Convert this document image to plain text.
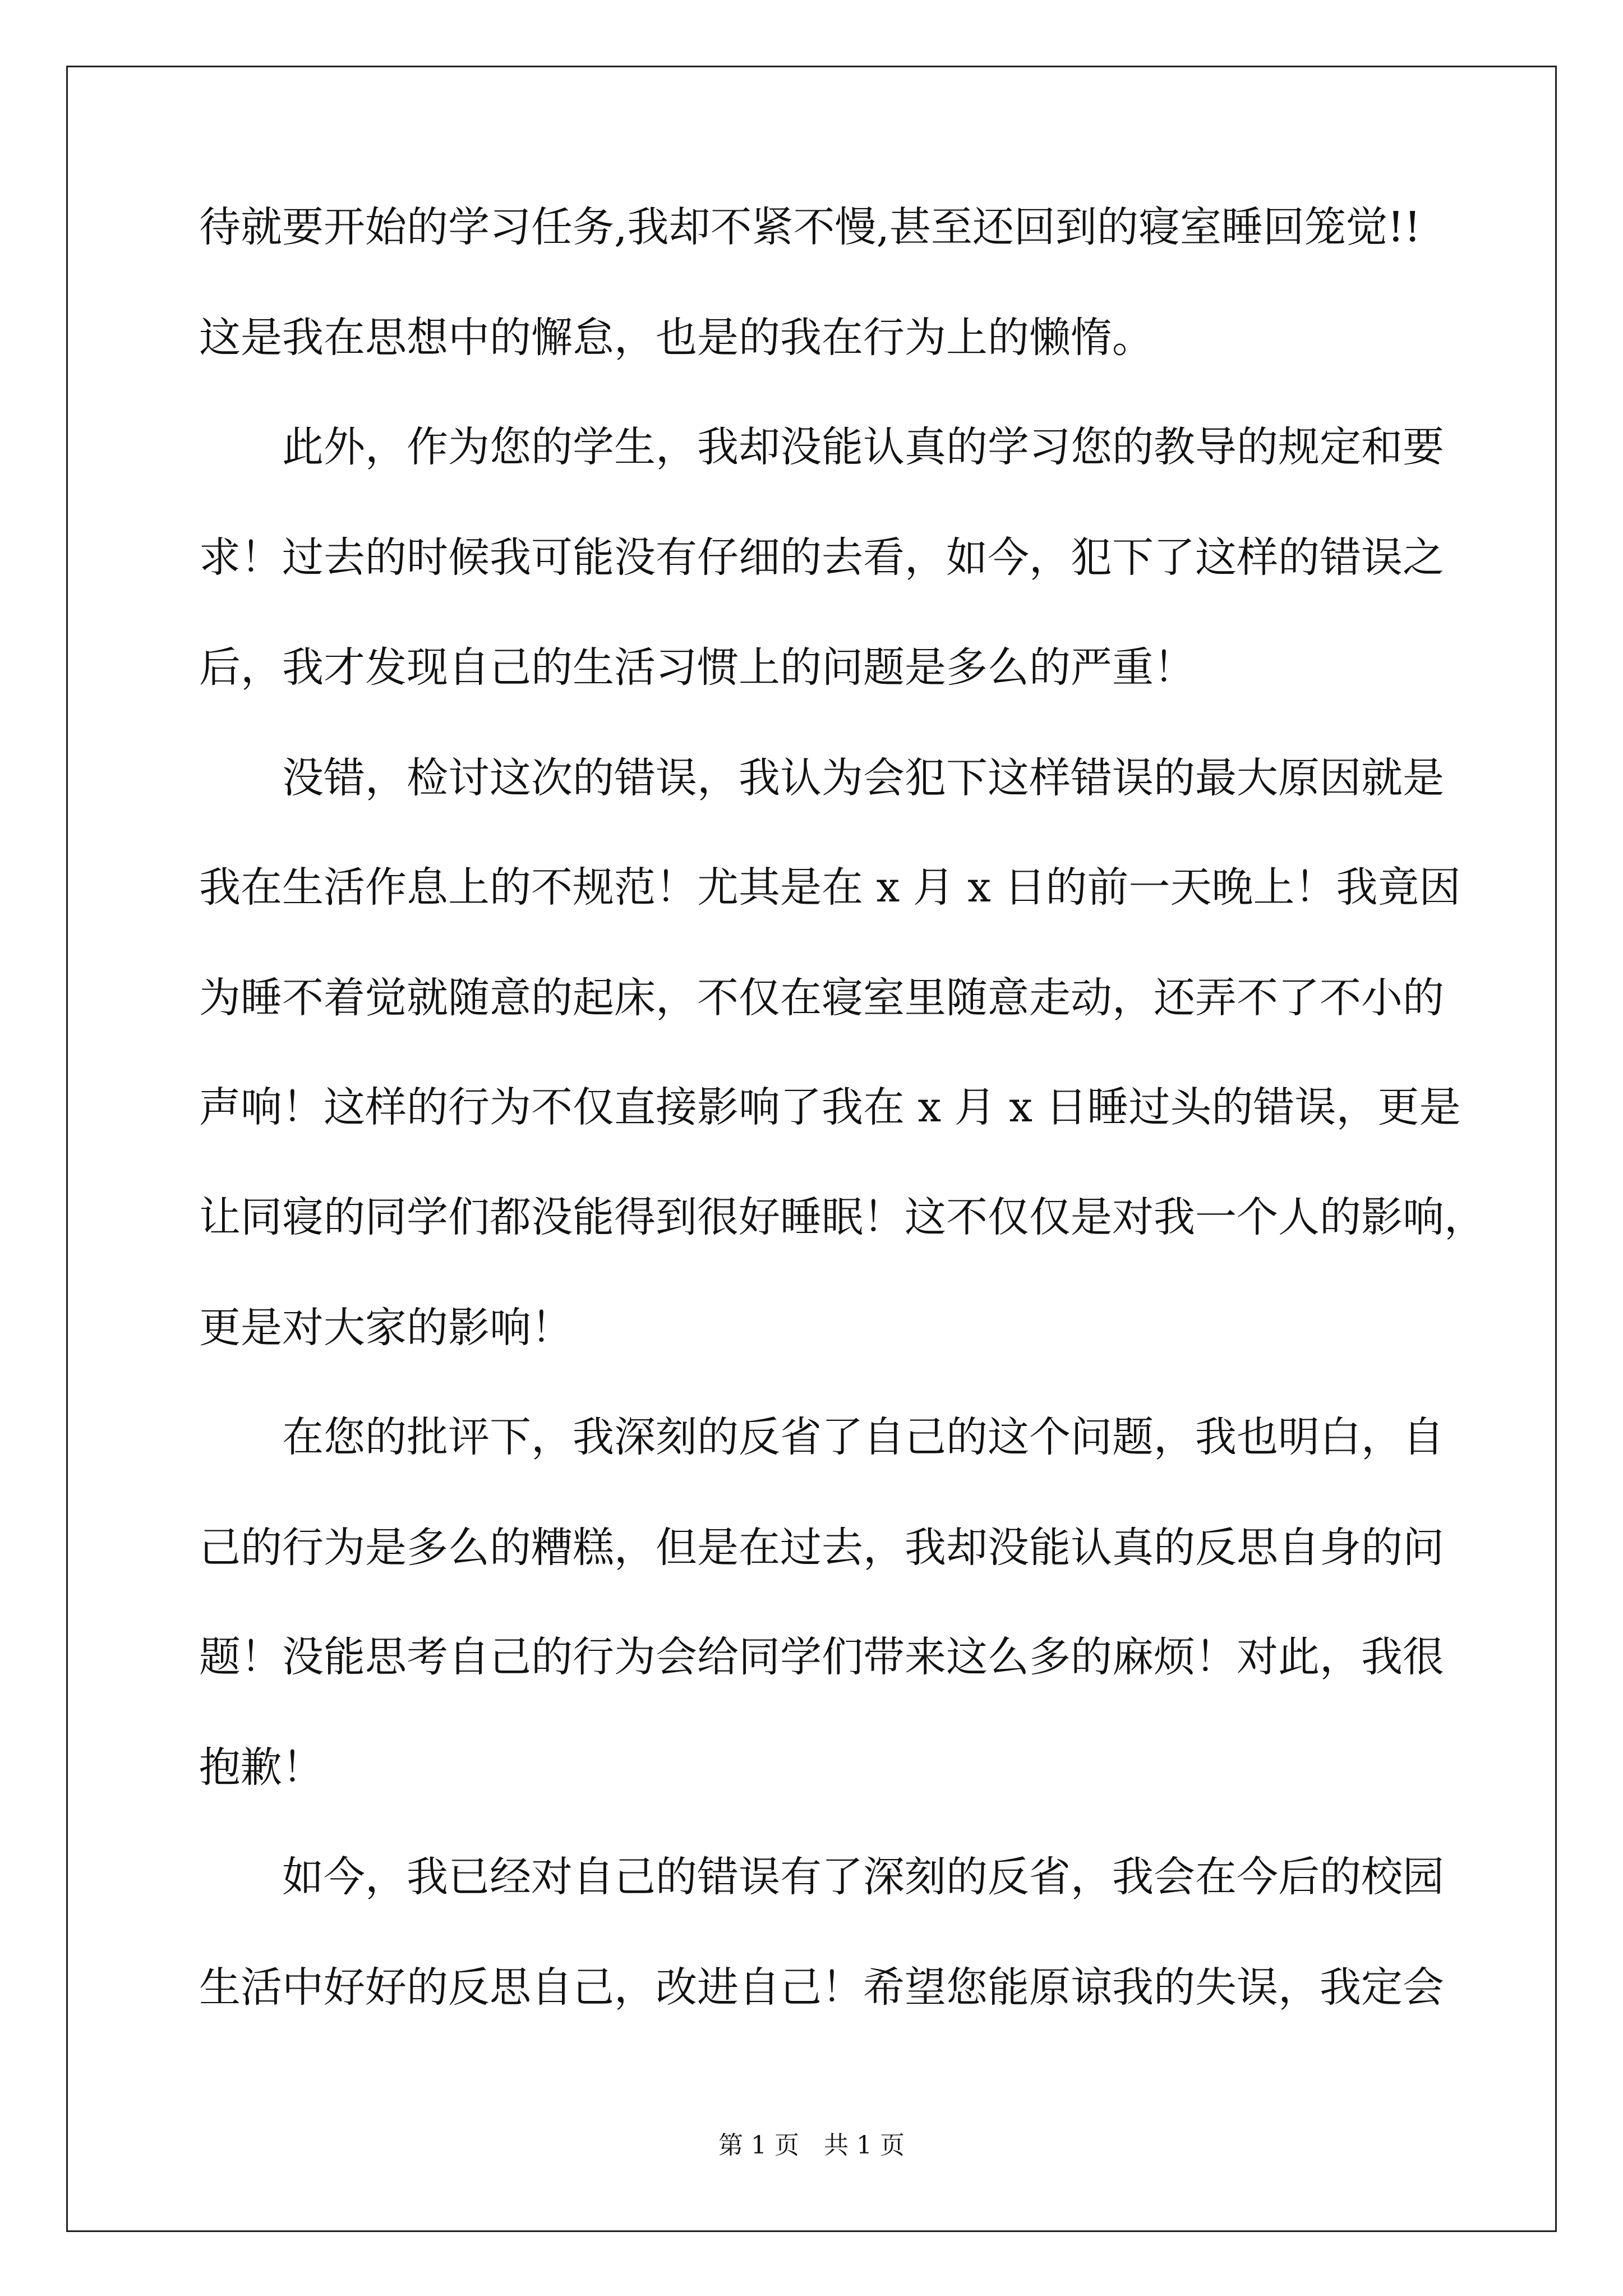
待就要开始的学习任务,我却不紧不慢,甚至还回到的寝室睡回笼觉!!
这是我在思想中的懈怠，也是的我在行为上的懒惰。
　　此外，作为您的学生，我却没能认真的学习您的教导的规定和要
求！过去的时候我可能没有仔细的去看，如今，犯下了这样的错误之
后，我才发现自己的生活习惯上的问题是多么的严重！
　　没错，检讨这次的错误，我认为会犯下这样错误的最大原因就是
我在生活作息上的不规范！尤其是在 x 月 x 日的前一天晚上！我竟因
为睡不着觉就随意的起床，不仅在寝室里随意走动，还弄不了不小的
声响！这样的行为不仅直接影响了我在 x 月 x 日睡过头的错误，更是
让同寝的同学们都没能得到很好睡眠！这不仅仅是对我一个人的影响，
更是对大家的影响！
　　在您的批评下，我深刻的反省了自己的这个问题，我也明白，自
己的行为是多么的糟糕，但是在过去，我却没能认真的反思自身的问
题！没能思考自己的行为会给同学们带来这么多的麻烦！对此，我很
抱歉！
　　如今，我已经对自己的错误有了深刻的反省，我会在今后的校园
生活中好好的反思自己，改进自己！希望您能原谅我的失误，我定会
第 1 页　共 1 页
